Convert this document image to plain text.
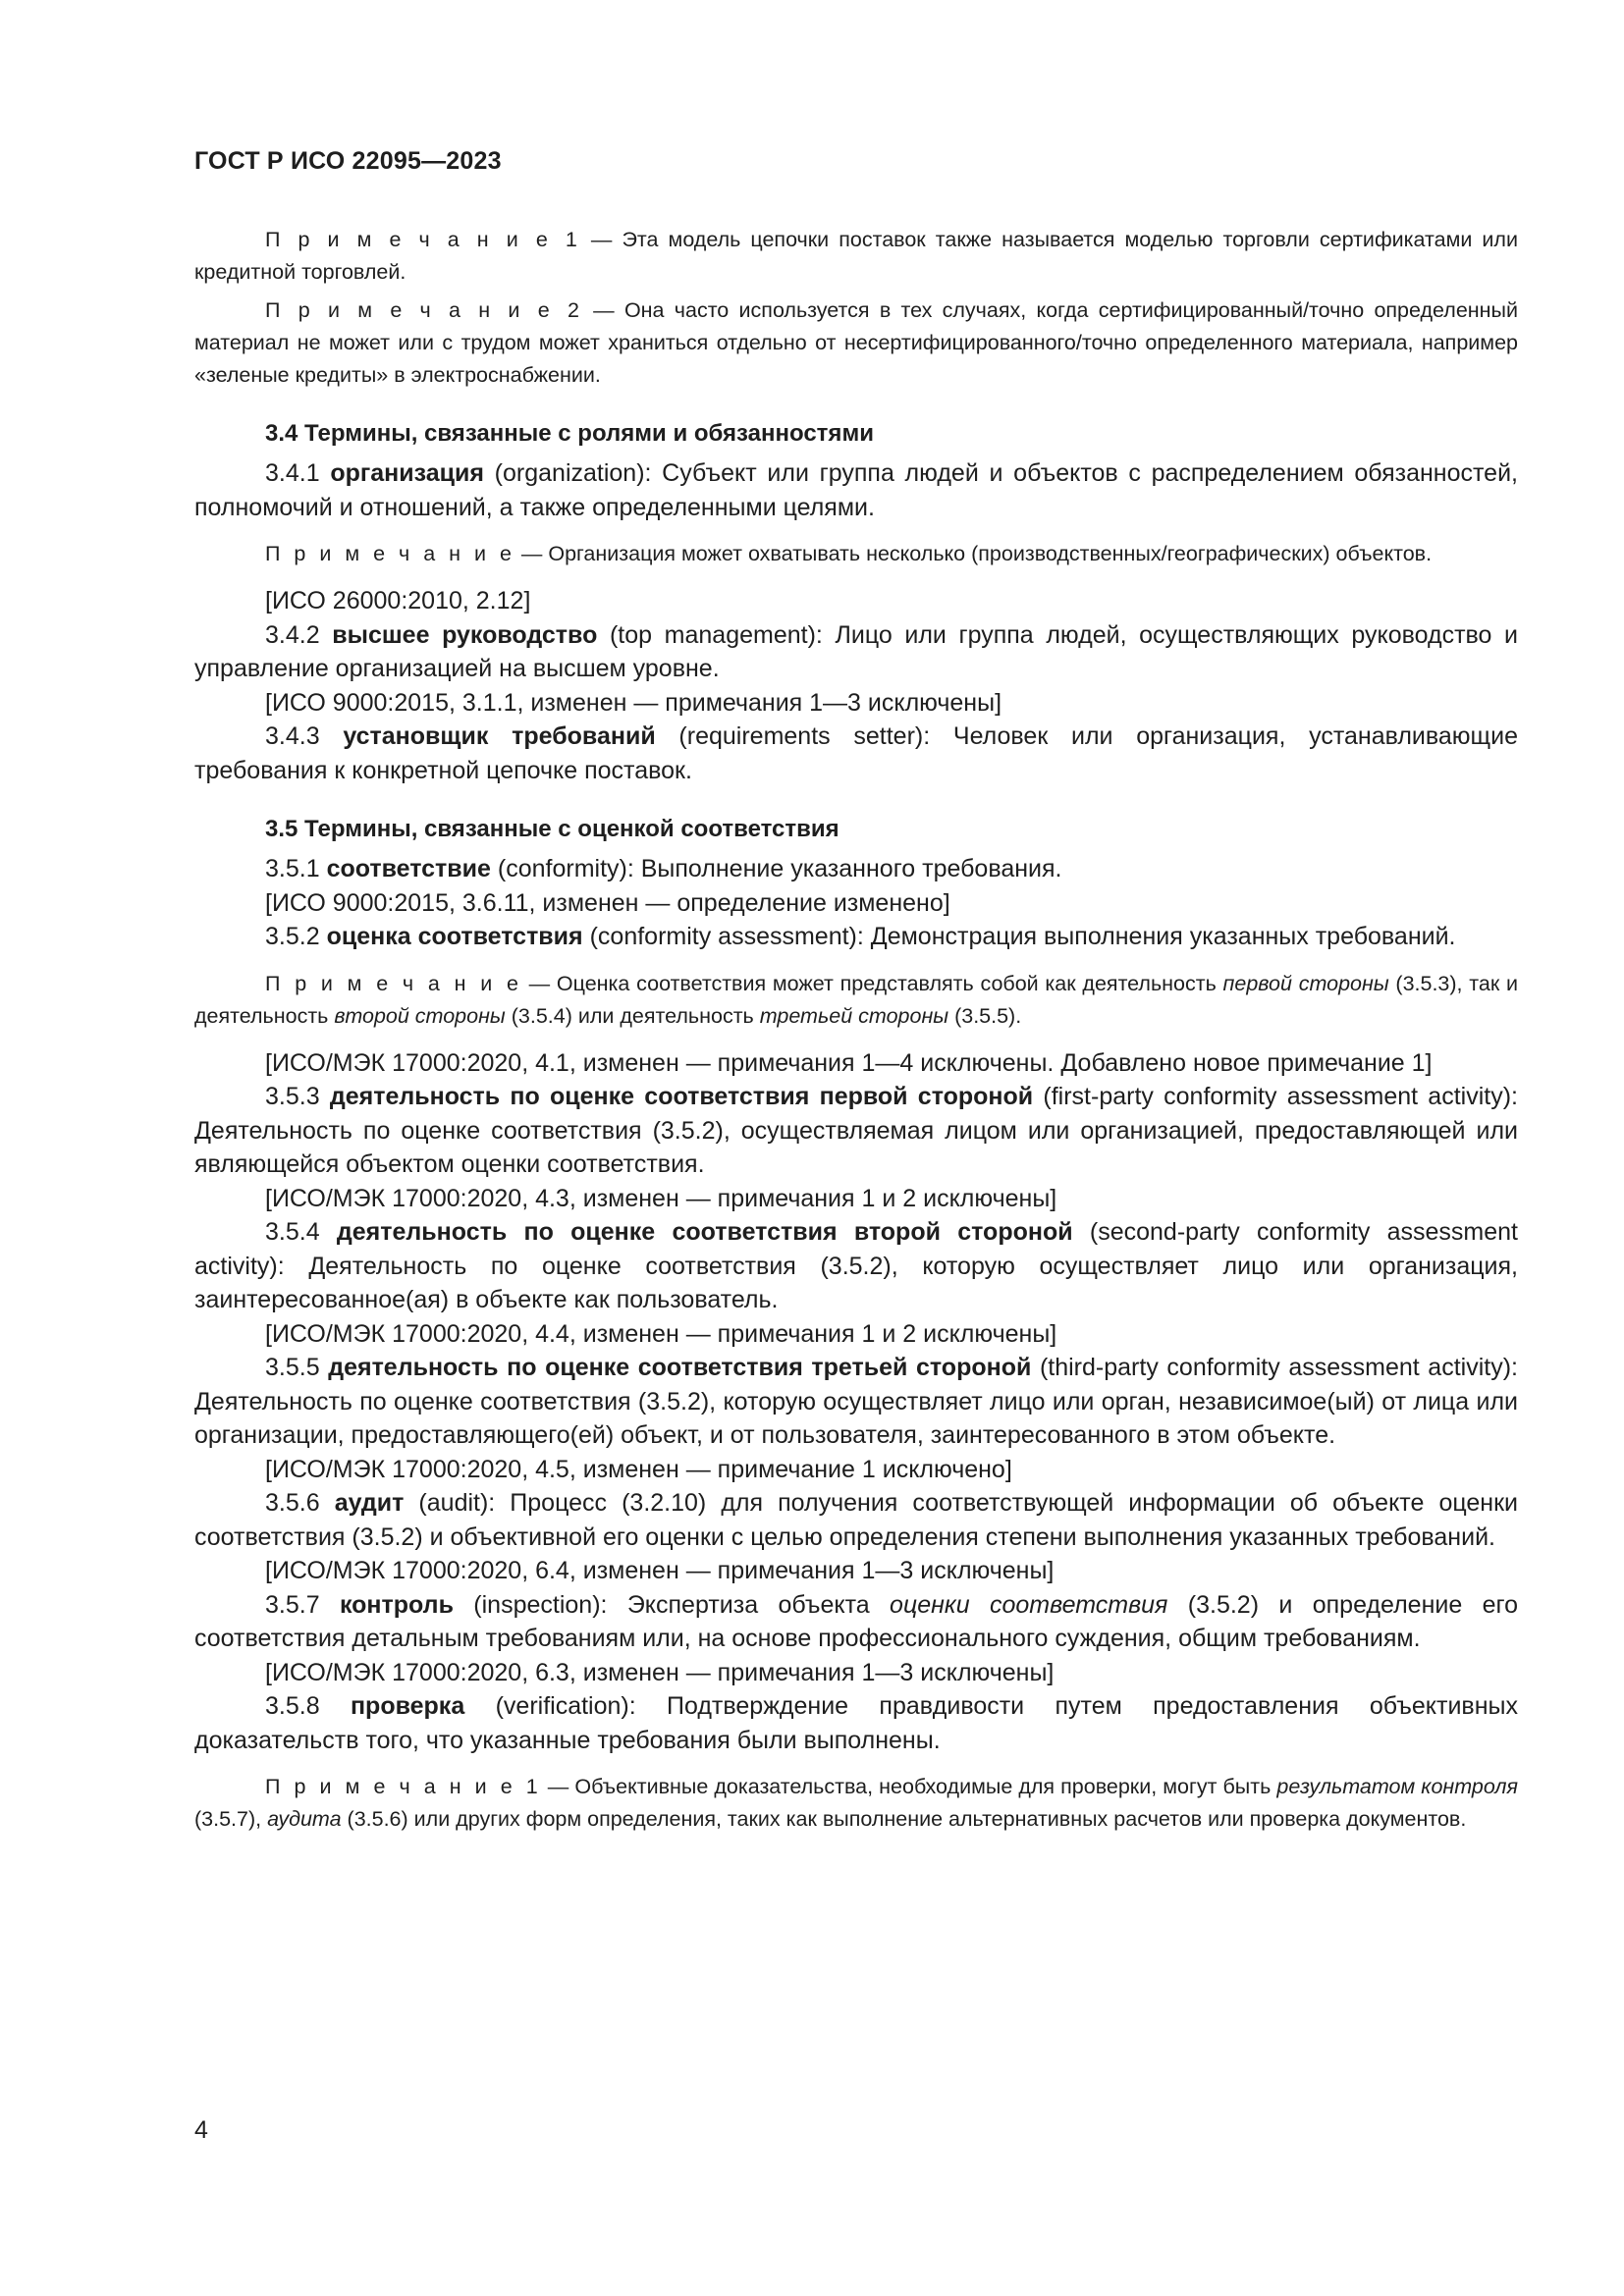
ГОСТ Р ИСО 22095—2023

П р и м е ч а н и е 1 — Эта модель цепочки поставок также называется моделью торговли сертификатами или кредитной торговлей.

П р и м е ч а н и е 2 — Она часто используется в тех случаях, когда сертифицированный/точно определенный материал не может или с трудом может храниться отдельно от несертифицированного/точно определенного материала, например «зеленые кредиты» в электроснабжении.

3.4 Термины, связанные с ролями и обязанностями

3.4.1 организация (organization): Субъект или группа людей и объектов с распределением обязанностей, полномочий и отношений, а также определенными целями.

П р и м е ч а н и е — Организация может охватывать несколько (производственных/географических) объектов.

[ИСО 26000:2010, 2.12]

3.4.2 высшее руководство (top management): Лицо или группа людей, осуществляющих руководство и управление организацией на высшем уровне.

[ИСО 9000:2015, 3.1.1, изменен — примечания 1—3 исключены]

3.4.3 установщик требований (requirements setter): Человек или организация, устанавливающие требования к конкретной цепочке поставок.

3.5 Термины, связанные с оценкой соответствия

3.5.1 соответствие (conformity): Выполнение указанного требования.

[ИСО 9000:2015, 3.6.11, изменен — определение изменено]

3.5.2 оценка соответствия (conformity assessment): Демонстрация выполнения указанных требований.

П р и м е ч а н и е — Оценка соответствия может представлять собой как деятельность первой стороны (3.5.3), так и деятельность второй стороны (3.5.4) или деятельность третьей стороны (3.5.5).

[ИСО/МЭК 17000:2020, 4.1, изменен — примечания 1—4 исключены. Добавлено новое примечание 1]

3.5.3 деятельность по оценке соответствия первой стороной (first-party conformity assessment activity): Деятельность по оценке соответствия (3.5.2), осуществляемая лицом или организацией, предоставляющей или являющейся объектом оценки соответствия.

[ИСО/МЭК 17000:2020, 4.3, изменен — примечания 1 и 2 исключены]

3.5.4 деятельность по оценке соответствия второй стороной (second-party conformity assessment activity): Деятельность по оценке соответствия (3.5.2), которую осуществляет лицо или организация, заинтересованное(ая) в объекте как пользователь.

[ИСО/МЭК 17000:2020, 4.4, изменен — примечания 1 и 2 исключены]

3.5.5 деятельность по оценке соответствия третьей стороной (third-party conformity assessment activity): Деятельность по оценке соответствия (3.5.2), которую осуществляет лицо или орган, независимое(ый) от лица или организации, предоставляющего(ей) объект, и от пользователя, заинтересованного в этом объекте.

[ИСО/МЭК 17000:2020, 4.5, изменен — примечание 1 исключено]

3.5.6 аудит (audit): Процесс (3.2.10) для получения соответствующей информации об объекте оценки соответствия (3.5.2) и объективной его оценки с целью определения степени выполнения указанных требований.

[ИСО/МЭК 17000:2020, 6.4, изменен — примечания 1—3 исключены]

3.5.7 контроль (inspection): Экспертиза объекта оценки соответствия (3.5.2) и определение его соответствия детальным требованиям или, на основе профессионального суждения, общим требованиям.

[ИСО/МЭК 17000:2020, 6.3, изменен — примечания 1—3 исключены]

3.5.8 проверка (verification): Подтверждение правдивости путем предоставления объективных доказательств того, что указанные требования были выполнены.

П р и м е ч а н и е 1 — Объективные доказательства, необходимые для проверки, могут быть результатом контроля (3.5.7), аудита (3.5.6) или других форм определения, таких как выполнение альтернативных расчетов или проверка документов.

4
